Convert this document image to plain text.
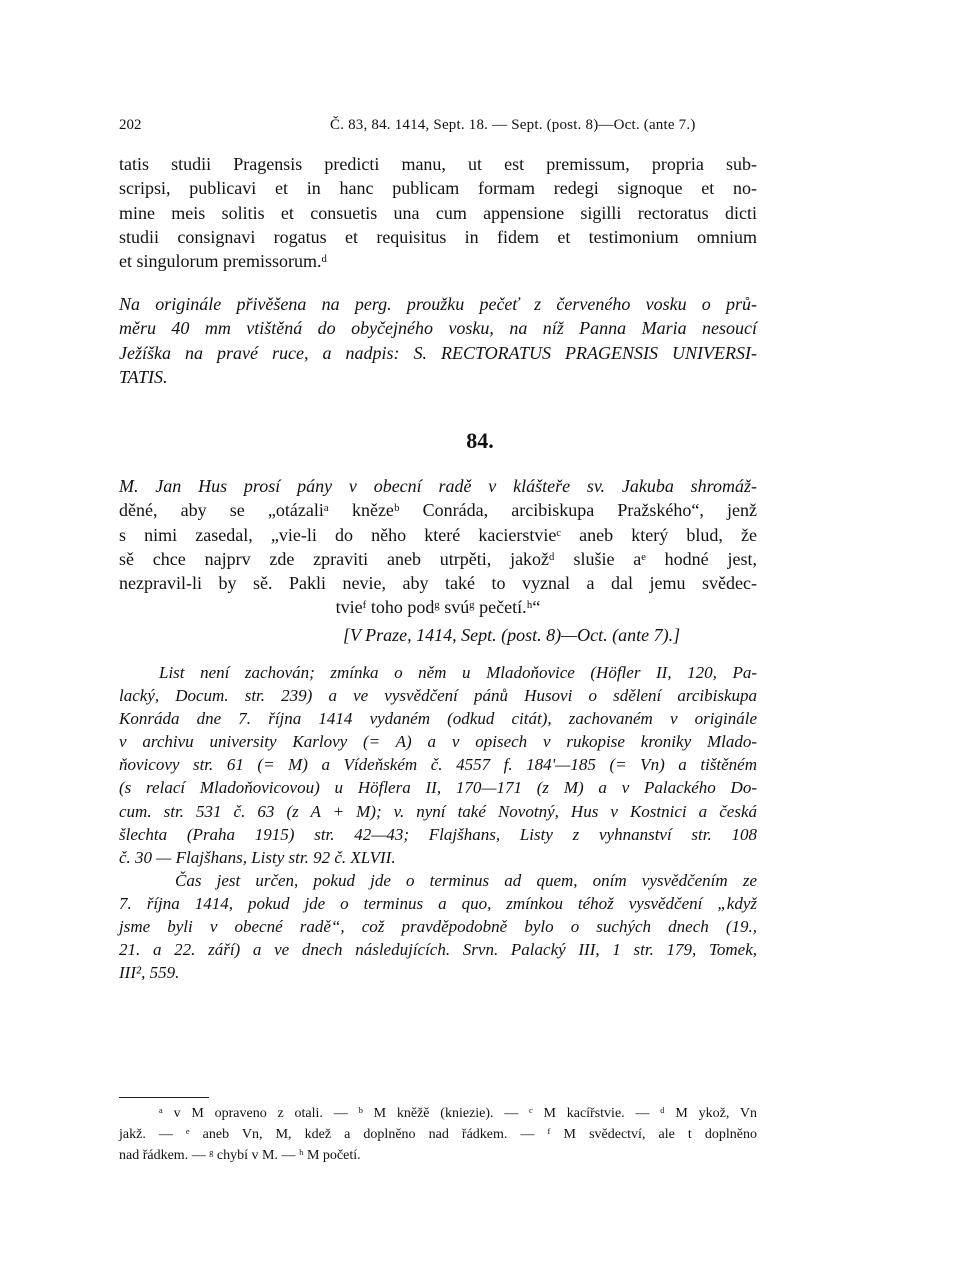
202	Č. 83, 84. 1414, Sept. 18. — Sept. (post. 8)—Oct. (ante 7.)
tatis studii Pragensis predicti manu, ut est premissum, propria sub-
scripsi, publicavi et in hanc publicam formam redegi signoque et no-
mine meis solitis et consuetis una cum appensione sigilli rectoratus dicti
studii consignavi rogatus et requisitus in fidem et testimonium omnium
et singulorum premissorum.ᵈ
Na originále přivěšena na perg. proužku pečeť z červeného vosku o prů-
měru 40 mm vtištěná do obyčejného vosku, na níž Panna Maria nesoucí
Ježíška na pravé ruce, a nadpis: S. RECTORATUS PRAGENSIS UNIVERSI-
TATIS.
84.
M. Jan Hus prosí pány v obecní radě v klášteře sv. Jakuba shromáž-
děné, aby se „otázaliᵃ knězeᵇ Conráda, arcibiskupa Pražského“, jenž
s nimi zasedal, „vie-li do něho které kacierstvieᶜ aneb který blud, že
sě chce najprv zde zpraviti aneb utrpěti, jakožᵈ slušie aᵉ hodné jest,
nezpravil-li by sě. Pakli nevie, aby také to vyznal a dal jemu svědec-
tvieᶠ toho podᵍ svúᵍ pečetí.ʰ“
[V Praze, 1414, Sept. (post. 8)—Oct. (ante 7).]
List není zachován; zmínka o něm u Mladoňovice (Höfler II, 120, Pa-
lacký, Docum. str. 239) a ve vysvědčení pánů Husovi o sdělení arcibiskupa
Konráda dne 7. října 1414 vydaném (odkud citát), zachovaném v originále
v archivu university Karlovy (= A) a v opisech v rukopise kroniky Mlado-
ňovicovy str. 61 (= M) a Vídeňském č. 4557 f. 184'—185 (= Vn) a tištěném
(s relací Mladoňovicovou) u Höflera II, 170—171 (z M) a v Palackého Do-
cum. str. 531 č. 63 (z A + M); v. nyní také Novotný, Hus v Kostnici a česká
šlechta (Praha 1915) str. 42—43; Flajšhans, Listy z vyhnanství str. 108
č. 30 — Flajšhans, Listy str. 92 č. XLVII.
Čas jest určen, pokud jde o terminus ad quem, oním vysvědčením ze
7. října 1414, pokud jde o terminus a quo, zmínkou téhož vysvědčení „když
jsme byli v obecné radě“, což pravděpodobně bylo o suchých dnech (19.,
21. a 22. září) a ve dnech následujících. Srvn. Palacký III, 1 str. 179, Tomek,
III², 559.
ᵃ v M opraveno z otali. — ᵇ M kněžě (kniezie). — ᶜ M kacířstvie. — ᵈ M ykož, Vn
jakž. — ᵉ aneb Vn, M, kdež a doplněno nad řádkem. — ᶠ M svědectví, ale t doplněno
nad řádkem. — ᵍ chybí v M. — ʰ M početí.
